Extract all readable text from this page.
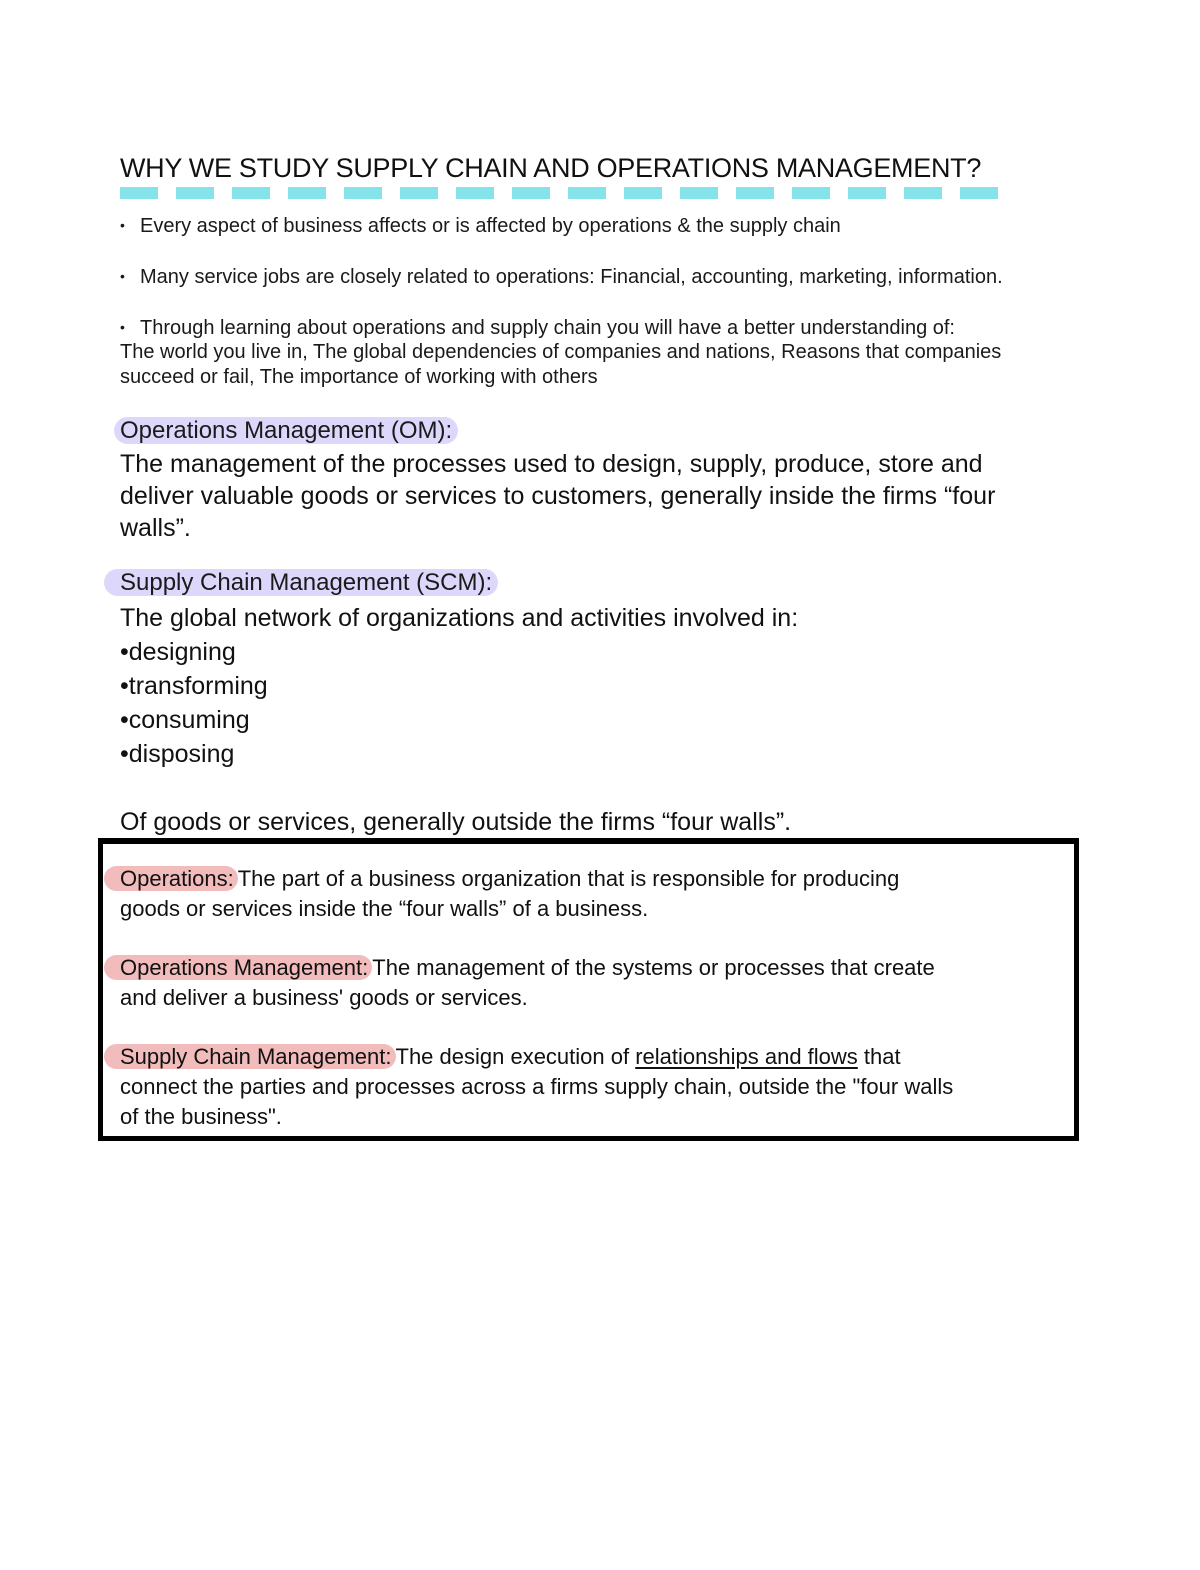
WHY WE STUDY SUPPLY CHAIN AND OPERATIONS MANAGEMENT?
• Every aspect of business affects or is affected by operations & the supply chain
• Many service jobs are closely related to operations: Financial, accounting, marketing, information.
• Through learning about operations and supply chain you will have a better understanding of:
The world you live in, The global dependencies of companies and nations, Reasons that companies
succeed or fail, The importance of working with others
Operations Management (OM):
The management of the processes used to design, supply, produce, store and
deliver valuable goods or services to customers, generally inside the firms “four
walls”.
Supply Chain Management (SCM):
The global network of organizations and activities involved in:
•designing
•transforming
•consuming
•disposing
Of goods or services, generally outside the firms “four walls”.
Operations: The part of a business organization that is responsible for producing
goods or services inside the “four walls” of a business.
Operations Management: The management of the systems or processes that create
and deliver a business' goods or services.
Supply Chain Management: The design execution of relationships and flows that
connect the parties and processes across a firms supply chain, outside the "four walls
of the business".
